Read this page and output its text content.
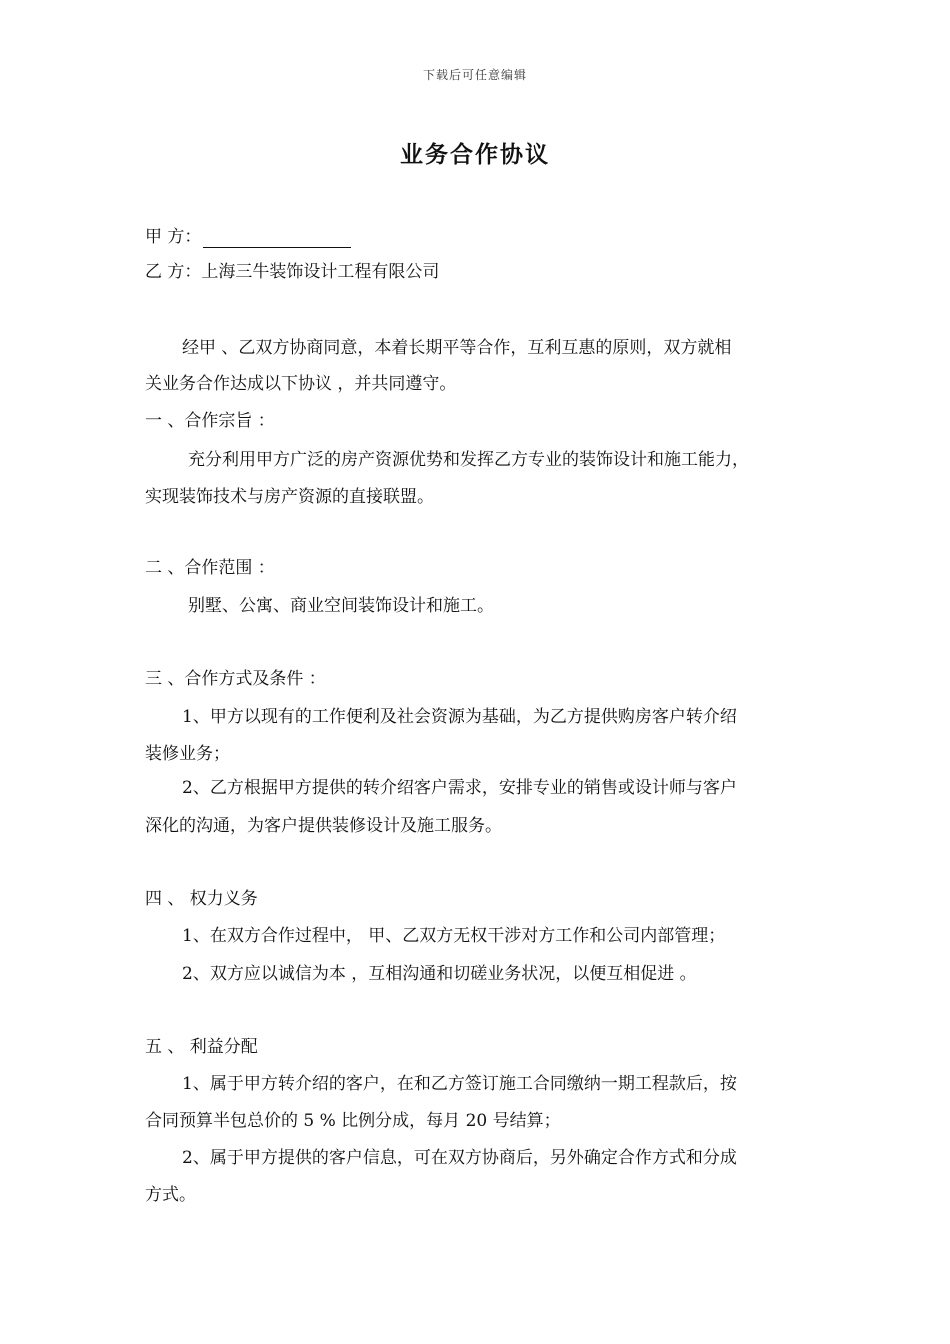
下载后可任意编辑
业务合作协议
甲 方：
乙 方：上海三牛装饰设计工程有限公司
经甲 、乙双方协商同意，本着长期平等合作，互利互惠的原则，双方就相
关业务合作达成以下协议 ，并共同遵守。
一 、合作宗旨 ：
充分利用甲方广泛的房产资源优势和发挥乙方专业的装饰设计和施工能力，
实现装饰技术与房产资源的直接联盟。
二 、合作范围 ：
别墅、公寓、商业空间装饰设计和施工。
三 、合作方式及条件 ：
1、甲方以现有的工作便利及社会资源为基础，为乙方提供购房客户转介绍
装修业务；
2、乙方根据甲方提供的转介绍客户需求，安排专业的销售或设计师与客户
深化的沟通，为客户提供装修设计及施工服务。
四 、 权力义务
1、在双方合作过程中， 甲、乙双方无权干涉对方工作和公司内部管理；
2、双方应以诚信为本 ，互相沟通和切磋业务状况，以便互相促进 。
五 、 利益分配
1、属于甲方转介绍的客户，在和乙方签订施工合同缴纳一期工程款后，按
合同预算半包总价的 5 % 比例分成，每月 20 号结算；
2、属于甲方提供的客户信息，可在双方协商后，另外确定合作方式和分成
方式。
